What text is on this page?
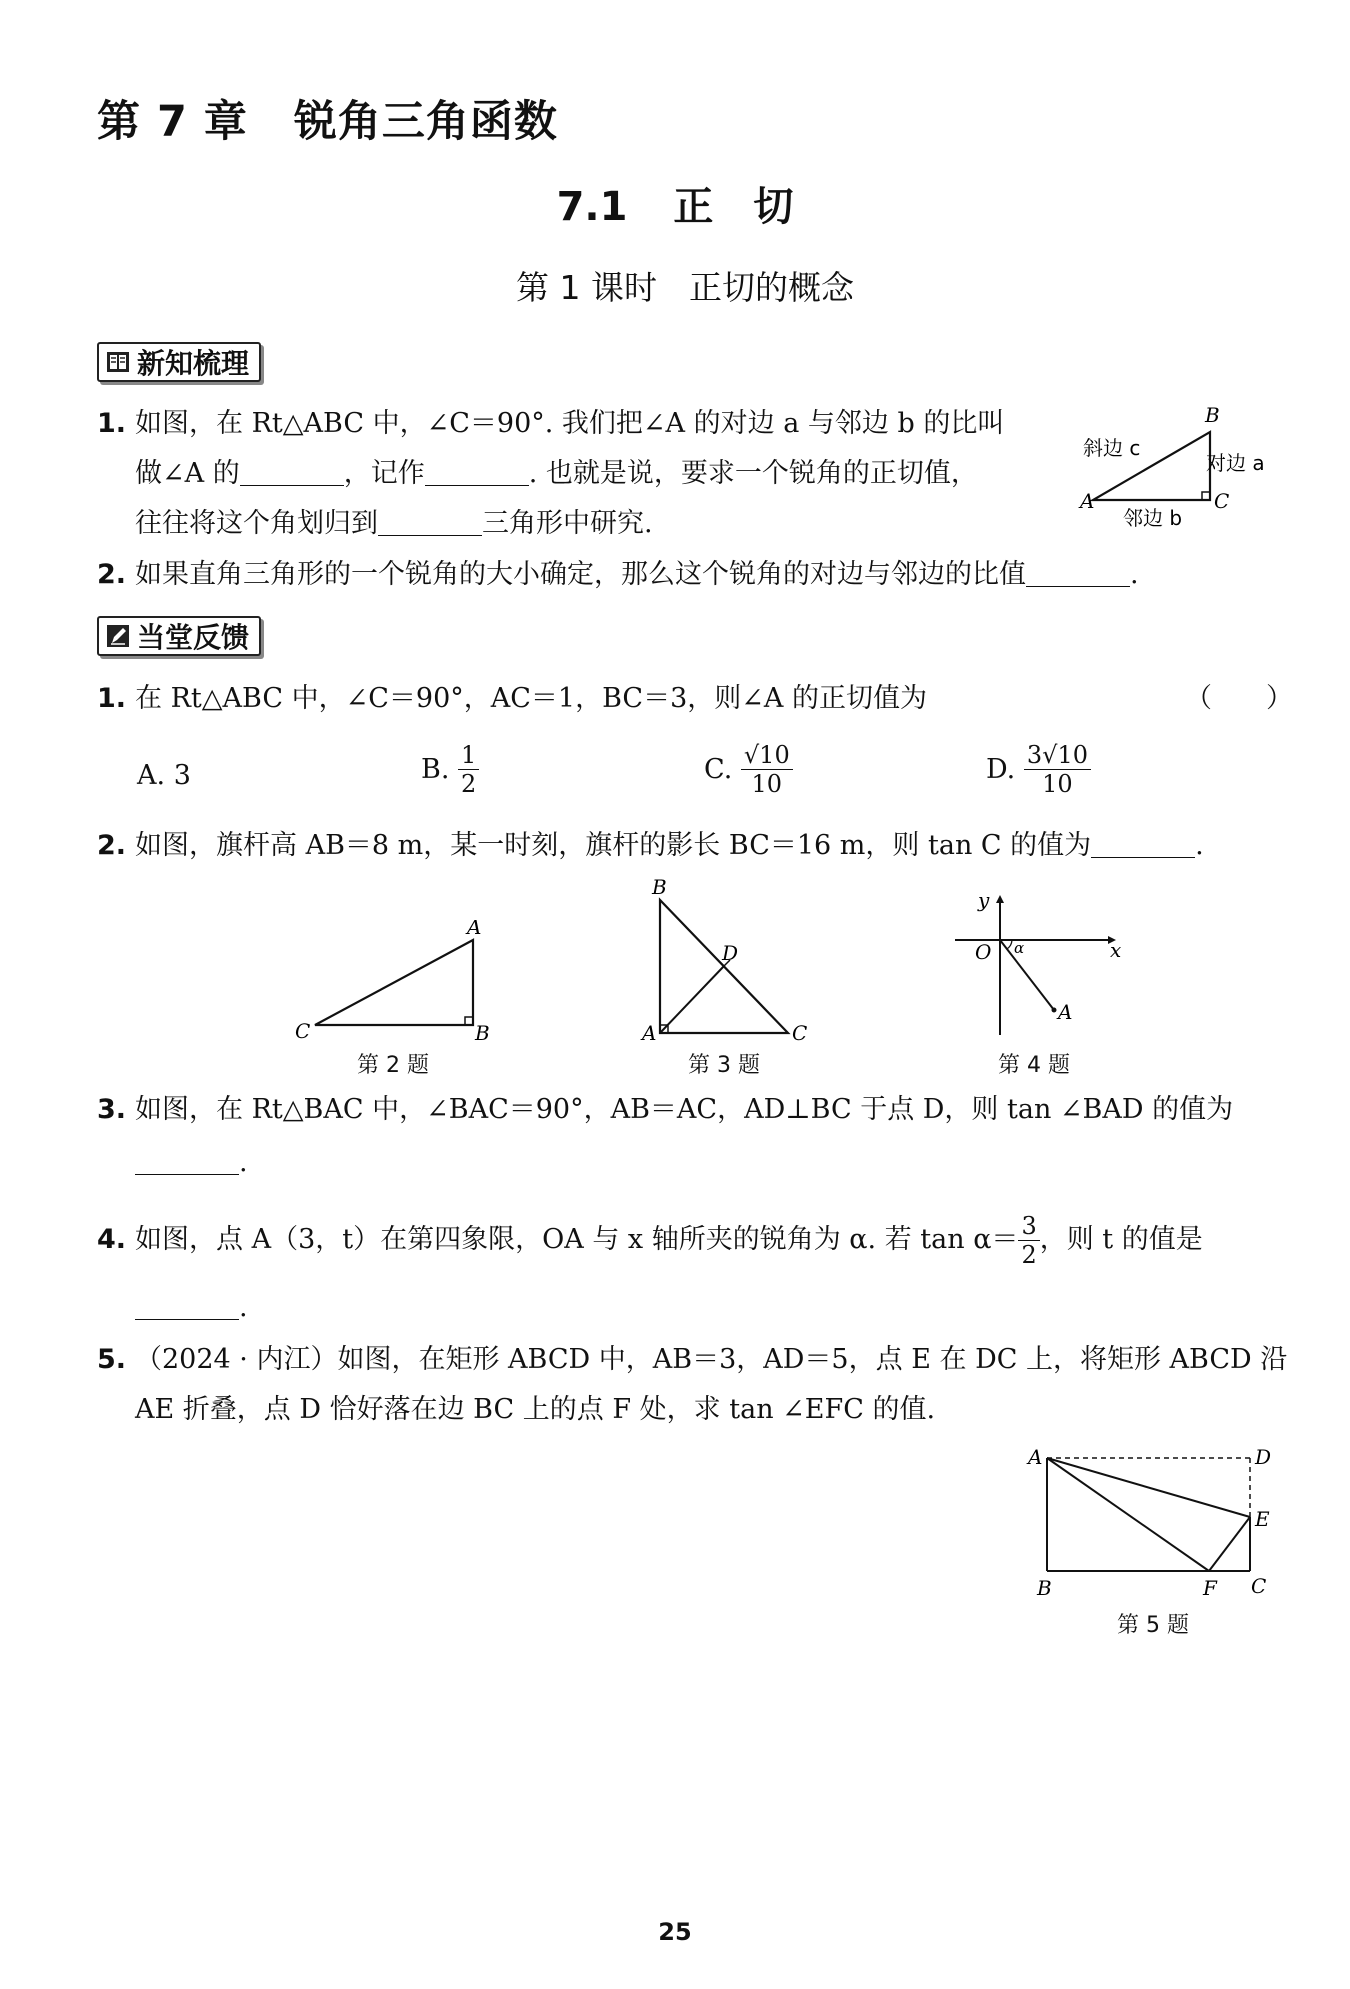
第 7 章 锐角三角函数
7.1 正　切
第 1 课时 正切的概念
新知梳理
1. 如图，在 Rt△ABC 中，∠C＝90°. 我们把∠A 的对边 a 与邻边 b 的比叫
做∠A 的	，记作	. 也就是说，要求一个锐角的正切值，
往往将这个角划归到	三角形中研究.
A
B
C
斜边 c
对边 a
邻边 b
2. 如果直角三角形的一个锐角的大小确定，那么这个锐角的对边与邻边的比值	.
当堂反馈
1. 在 Rt△ABC 中，∠C＝90°，AC＝1，BC＝3，则∠A 的正切值为	（　　）
A. 3	B. $\frac{1}{2}$	C. $\frac{√10}{10}$	D. $\frac{3√10}{10}$
2. 如图，旗杆高 AB＝8 m，某一时刻，旗杆的影长 BC＝16 m，则 tan C 的值为	.
C
A
B
第 2 题
B
D
A	C
第 3 题
y
O α	x
A
第 4 题
3. 如图，在 Rt△BAC 中，∠BAC＝90°，AB＝AC，AD⊥BC 于点 D，则 tan ∠BAD 的值为
.
4. 如图，点 A（3，t）在第四象限，OA 与 x 轴所夹的锐角为 α. 若 $\tan \alpha= \frac{3}{2}$ ，则 t 的值是
.
5. （2024 · 内江）如图，在矩形 ABCD 中，AB＝3，AD＝5，点 E 在 DC 上，将矩形 ABCD 沿
AE 折叠，点 D 恰好落在边 BC 上的点 F 处，求 tan ∠EFC 的值.
A	D
E
B	F C
第 5 题
25
